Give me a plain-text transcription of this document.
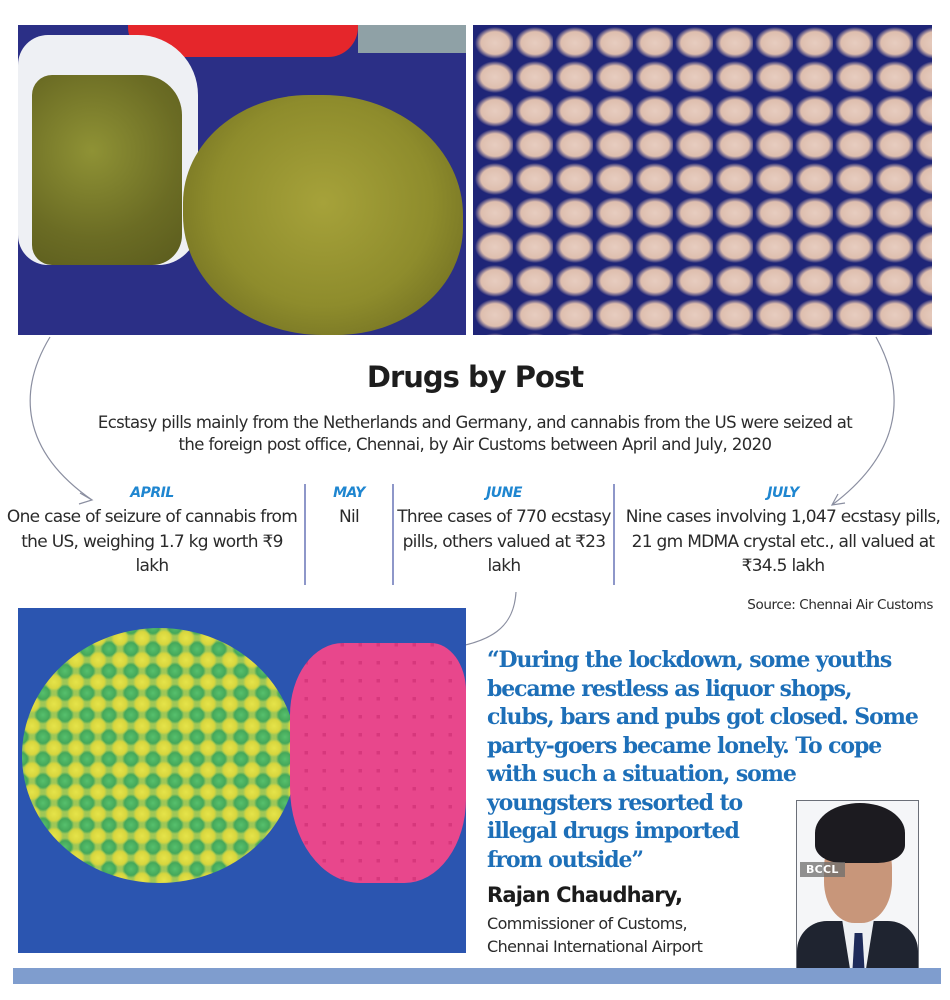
Drugs by Post
Ecstasy pills mainly from the Netherlands and Germany, and cannabis from the US were seized at the foreign post office, Chennai, by Air Customs between April and July, 2020
APRIL
One case of seizure of cannabis from the US, weighing 1.7 kg worth ₹9 lakh
MAY
Nil
JUNE
Three cases of 770 ecstasy pills, others valued at ₹23 lakh
JULY
Nine cases involving 1,047 ecstasy pills, 21 gm MDMA crystal etc., all valued at ₹34.5 lakh
Source: Chennai Air Customs
“During the lockdown, some youths
became restless as liquor shops,
clubs, bars and pubs got closed. Some
party-goers became lonely. To cope
with such a situation, some
youngsters resorted to
illegal drugs imported
from outside”
Rajan Chaudhary,
Commissioner of Customs,
Chennai International Airport
BCCL
